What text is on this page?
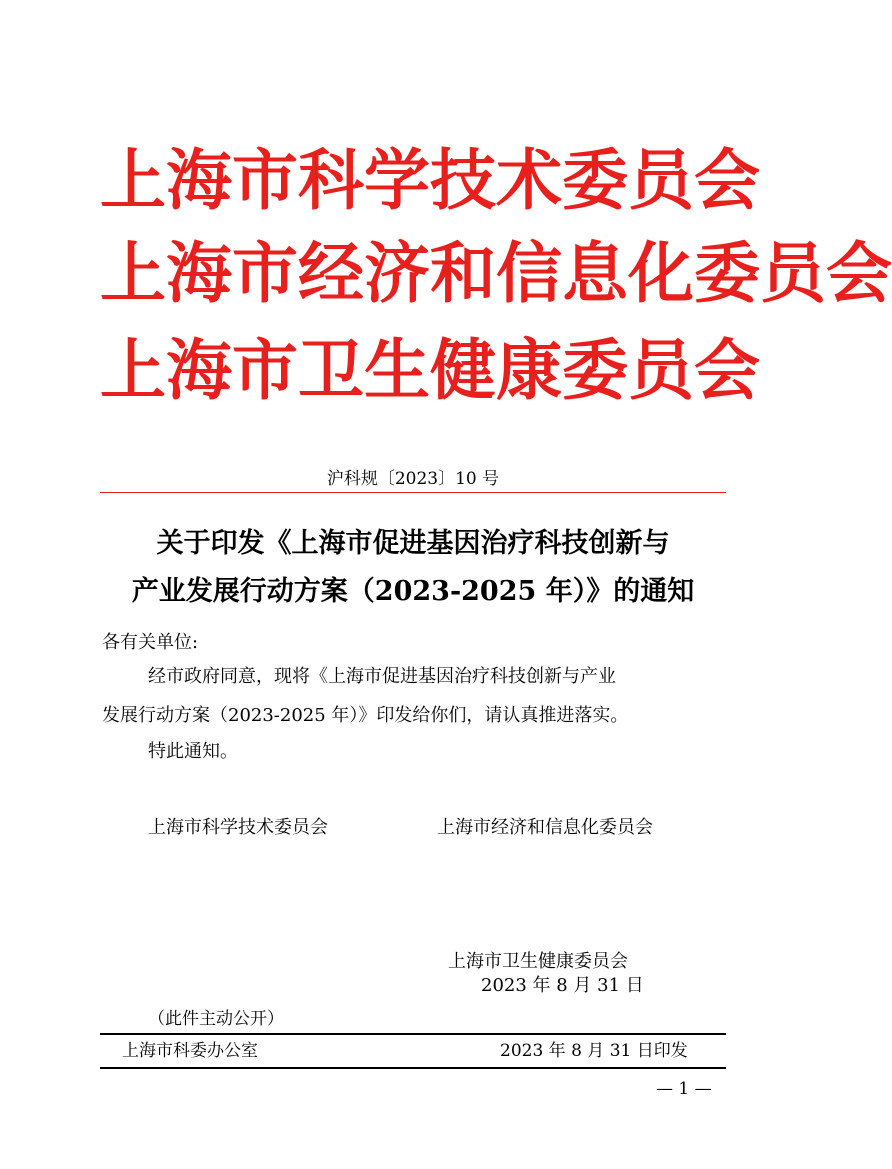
上 海 市 科 学 技 术 委 员 会
上 海 市 经 济 和 信 息 化 委 员 会
上 海 市 卫 生 健 康 委 员 会
沪科规〔2023〕10 号
关于印发《上海市促进基因治疗科技创新与
产业发展行动方案（2023-2025 年）》的通知
各有关单位:
经市政府同意，现将《上海市促进基因治疗科技创新与产业
发展行动方案（2023-2025 年）》印发给你们，请认真推进落实。
特此通知。
上海市科学技术委员会	上海市经济和信息化委员会
上海市卫生健康委员会
2023 年 8 月 31 日
（此件主动公开）
上海市科委办公室	2023 年 8 月 31 日印发
— 1 —
